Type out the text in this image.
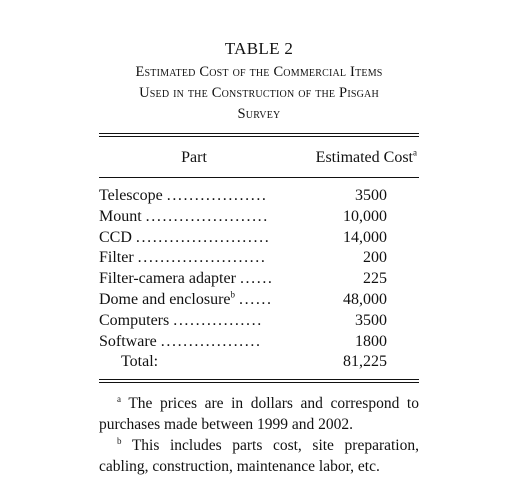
TABLE 2
Estimated Cost of the Commercial Items
Used in the Construction of the Pisgah
Survey
Part	Estimated Cost$^a$
Telescope ..................	3500
Mount ......................	10,000
CCD ........................	14,000
Filter .......................	200
Filter-camera adapter ......	225
Dome and enclosure$^b$ ......	48,000
Computers ................	3500
Software ..................	1800
Total:	81,225
$^a$ The prices are in dollars and correspond to purchases made between 1999 and 2002.
$^b$ This includes parts cost, site preparation, cabling, construction, maintenance labor, etc.
